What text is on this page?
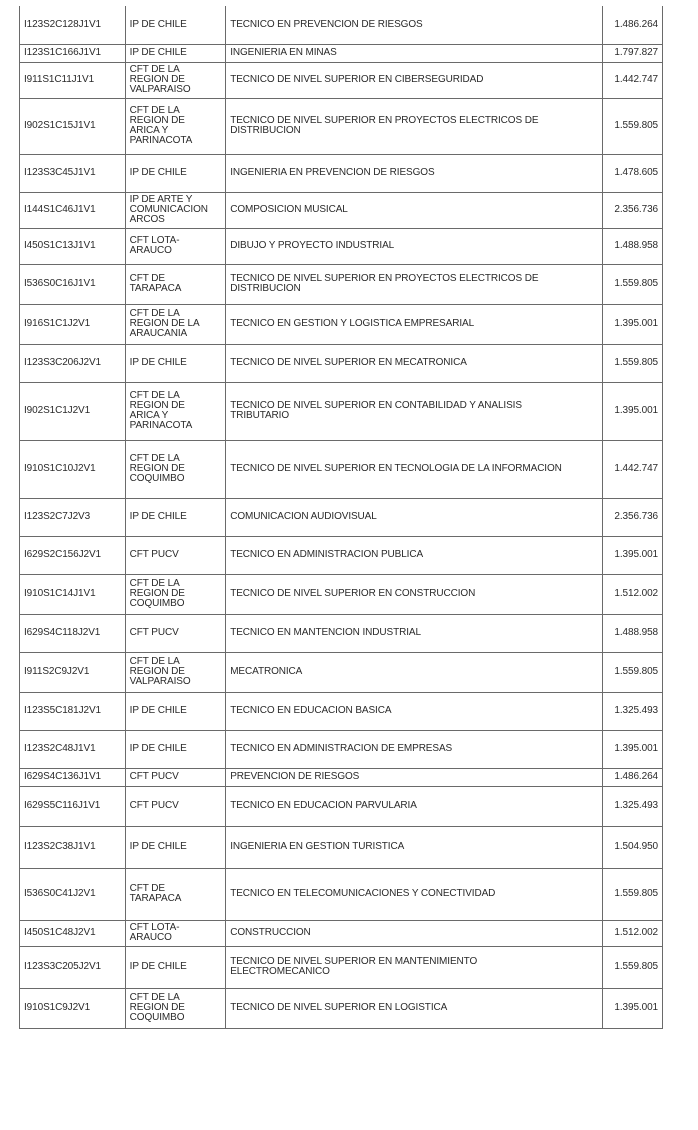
I123S2C128J1V1	IP DE CHILE	TECNICO EN PREVENCION DE RIESGOS	1.486.264
I123S1C166J1V1	IP DE CHILE	INGENIERIA EN MINAS	1.797.827
I911S1C11J1V1	CFT DE LA
REGION DE
VALPARAISO	TECNICO DE NIVEL SUPERIOR EN CIBERSEGURIDAD	1.442.747
I902S1C15J1V1	CFT DE LA
REGION DE
ARICA Y
PARINACOTA	TECNICO DE NIVEL SUPERIOR EN PROYECTOS ELECTRICOS DE
DISTRIBUCION	1.559.805
I123S3C45J1V1	IP DE CHILE	INGENIERIA EN PREVENCION DE RIESGOS	1.478.605
I144S1C46J1V1	IP DE ARTE Y
COMUNICACION
ARCOS	COMPOSICION MUSICAL	2.356.736
I450S1C13J1V1	CFT LOTA-
ARAUCO	DIBUJO Y PROYECTO INDUSTRIAL	1.488.958
I536S0C16J1V1	CFT DE
TARAPACA	TECNICO DE NIVEL SUPERIOR EN PROYECTOS ELECTRICOS DE
DISTRIBUCION	1.559.805
I916S1C1J2V1	CFT DE LA
REGION DE LA
ARAUCANIA	TECNICO EN GESTION Y LOGISTICA EMPRESARIAL	1.395.001
I123S3C206J2V1	IP DE CHILE	TECNICO DE NIVEL SUPERIOR EN MECATRONICA	1.559.805
I902S1C1J2V1	CFT DE LA
REGION DE
ARICA Y
PARINACOTA	TECNICO DE NIVEL SUPERIOR EN CONTABILIDAD Y ANALISIS
TRIBUTARIO	1.395.001
I910S1C10J2V1	CFT DE LA
REGION DE
COQUIMBO	TECNICO DE NIVEL SUPERIOR EN TECNOLOGIA DE LA INFORMACION	1.442.747
I123S2C7J2V3	IP DE CHILE	COMUNICACION AUDIOVISUAL	2.356.736
I629S2C156J2V1	CFT PUCV	TECNICO EN ADMINISTRACION PUBLICA	1.395.001
I910S1C14J1V1	CFT DE LA
REGION DE
COQUIMBO	TECNICO DE NIVEL SUPERIOR EN CONSTRUCCION	1.512.002
I629S4C118J2V1	CFT PUCV	TECNICO EN MANTENCION INDUSTRIAL	1.488.958
I911S2C9J2V1	CFT DE LA
REGION DE
VALPARAISO	MECATRONICA	1.559.805
I123S5C181J2V1	IP DE CHILE	TECNICO EN EDUCACION BASICA	1.325.493
I123S2C48J1V1	IP DE CHILE	TECNICO EN ADMINISTRACION DE EMPRESAS	1.395.001
I629S4C136J1V1	CFT PUCV	PREVENCION DE RIESGOS	1.486.264
I629S5C116J1V1	CFT PUCV	TECNICO EN EDUCACION PARVULARIA	1.325.493
I123S2C38J1V1	IP DE CHILE	INGENIERIA EN GESTION TURISTICA	1.504.950
I536S0C41J2V1	CFT DE
TARAPACA	TECNICO EN TELECOMUNICACIONES Y CONECTIVIDAD	1.559.805
I450S1C48J2V1	CFT LOTA-
ARAUCO	CONSTRUCCION	1.512.002
I123S3C205J2V1	IP DE CHILE	TECNICO DE NIVEL SUPERIOR EN MANTENIMIENTO
ELECTROMECANICO	1.559.805
I910S1C9J2V1	CFT DE LA
REGION DE
COQUIMBO	TECNICO DE NIVEL SUPERIOR EN LOGISTICA	1.395.001
